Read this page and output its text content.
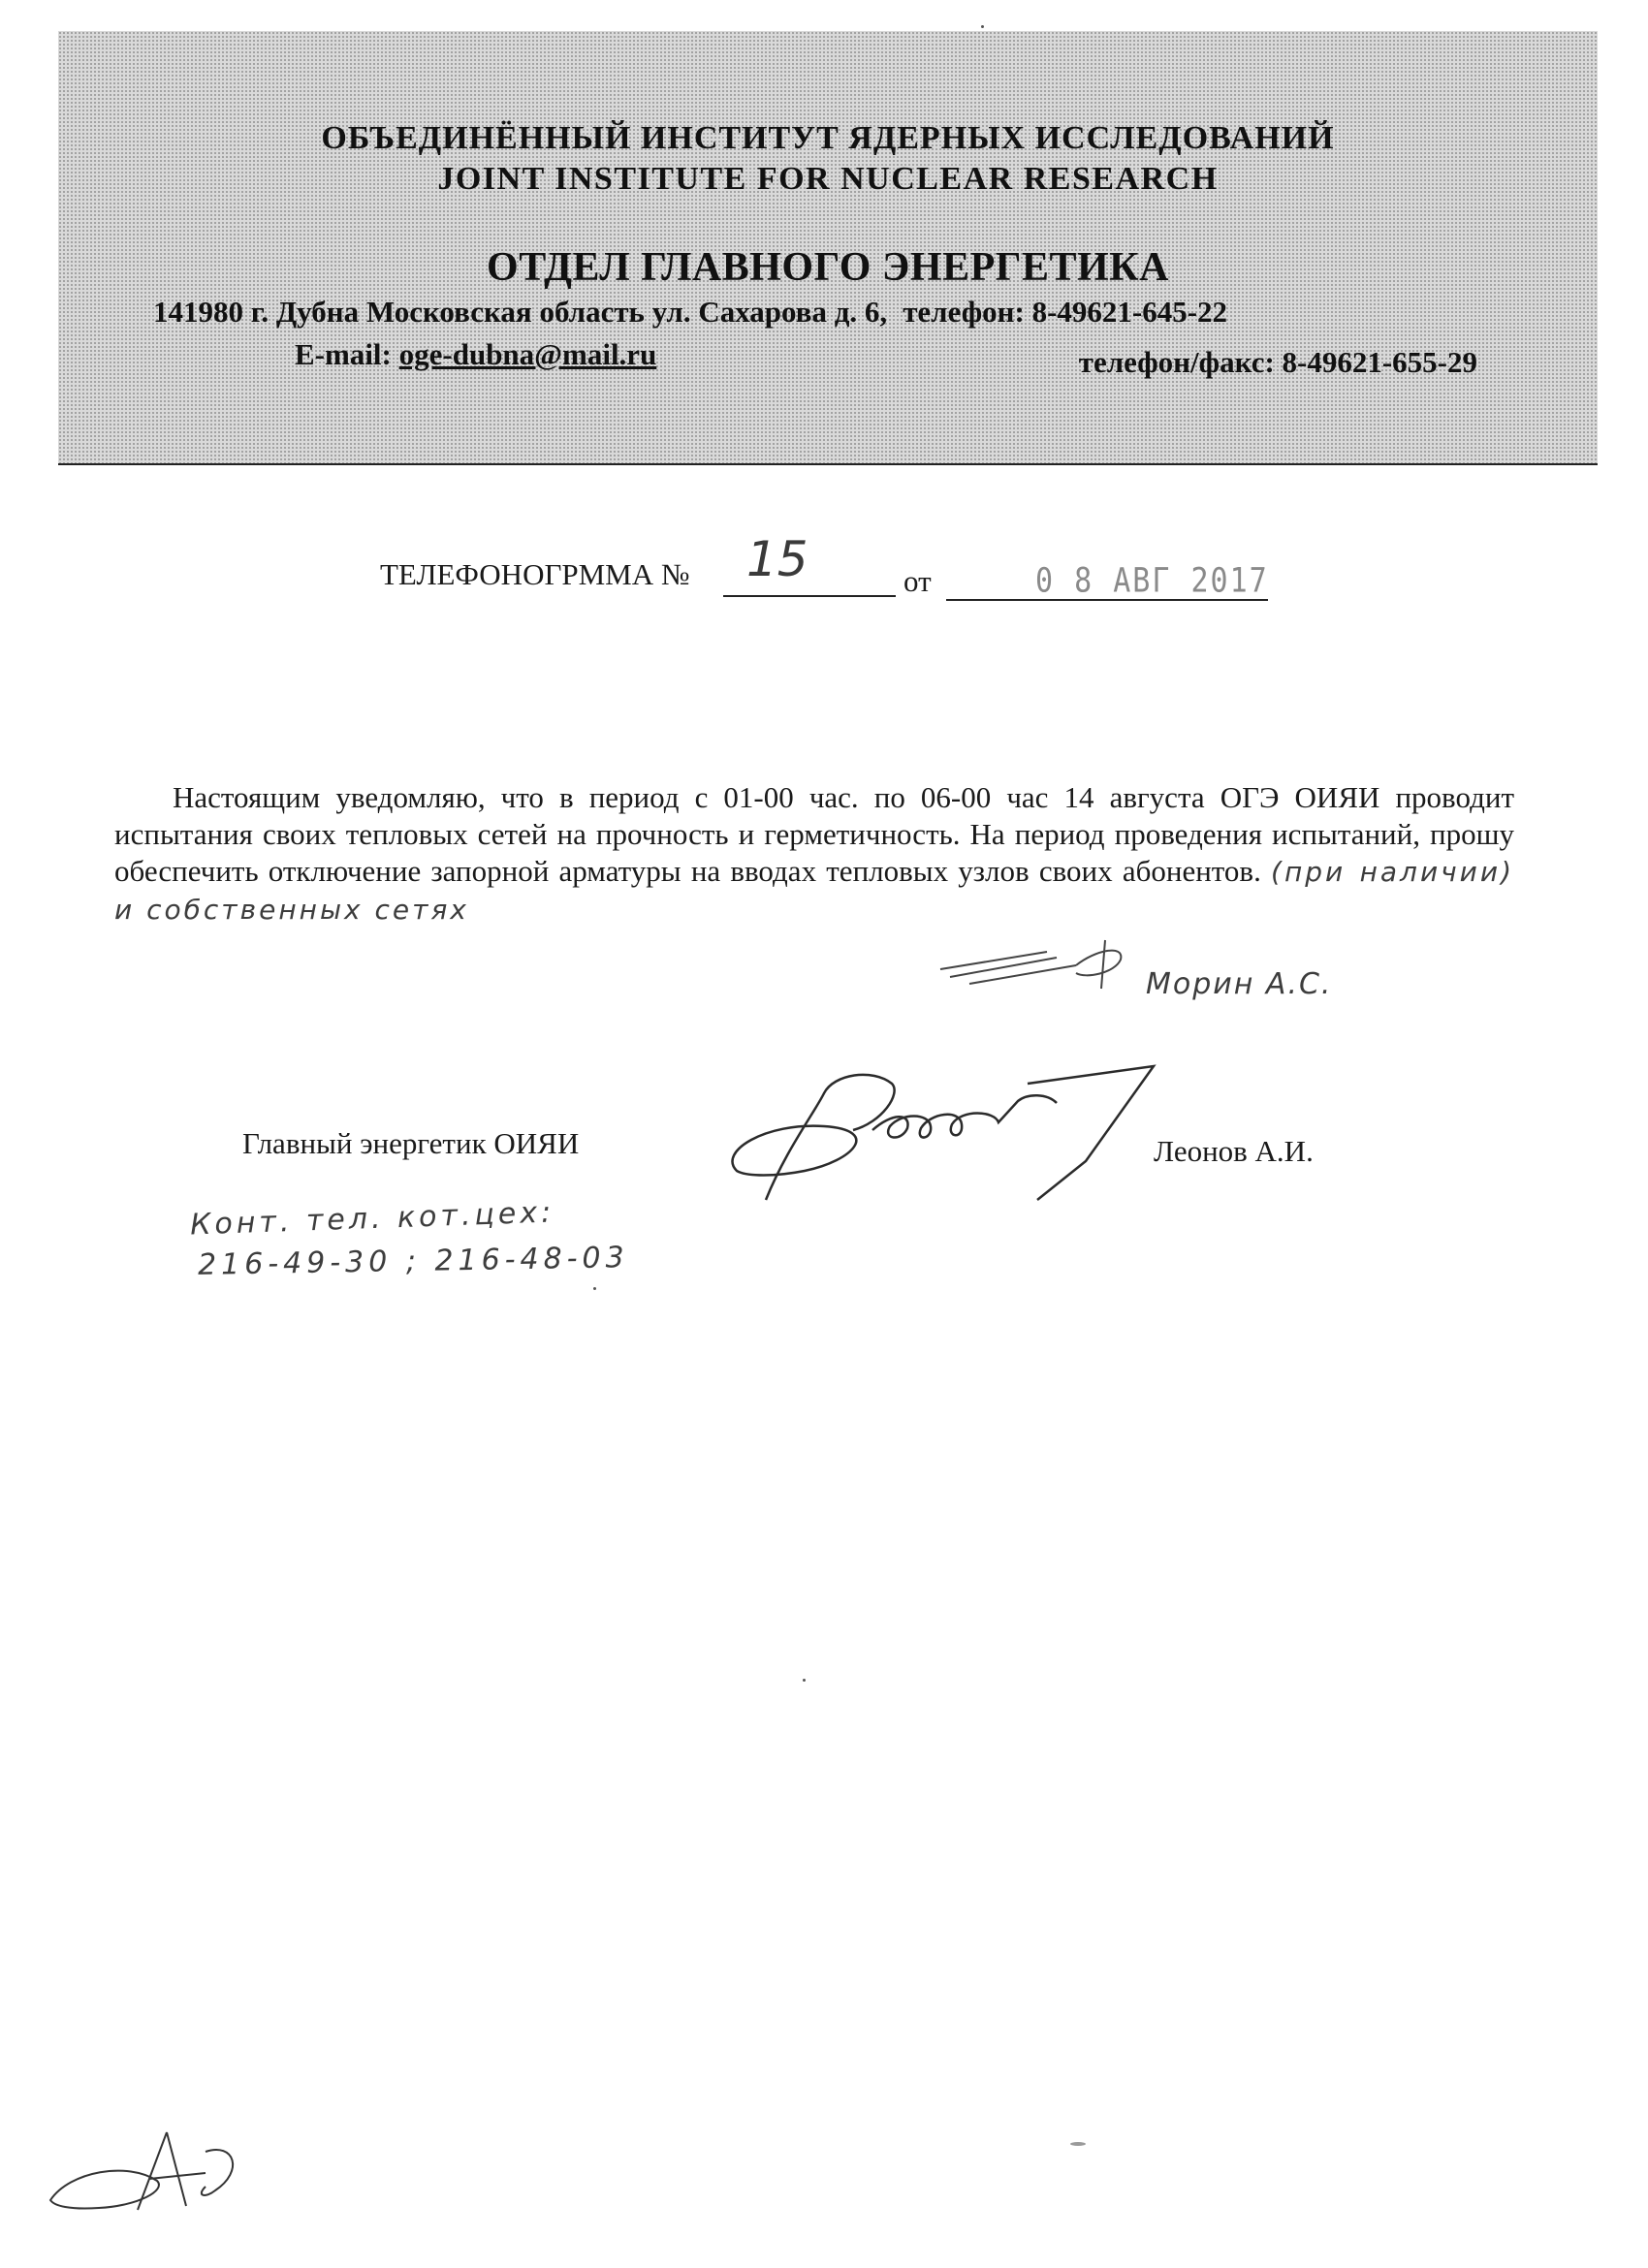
ОБЪЕДИНЁННЫЙ ИНСТИТУТ ЯДЕРНЫХ ИССЛЕДОВАНИЙ
JOINT INSTITUTE FOR NUCLEAR RESEARCH
ОТДЕЛ ГЛАВНОГО ЭНЕРГЕТИКА
141980 г. Дубна Московская область ул. Сахарова д. 6, телефон: 8-49621-645-22
E-mail: oge-dubna@mail.ru	телефон/факс: 8-49621-655-29
ТЕЛЕФОНОГРММА № 15	от	0 8 АВГ 2017
Настоящим уведомляю, что в период с 01-00 час. по 06-00 час 14 августа ОГЭ ОИЯИ проводит испытания своих тепловых сетей на прочность и герметичность. На период проведения испытаний, прошу обеспечить отключение запорной арматуры на вводах тепловых узлов своих абонентов. (при наличии) и собственных сетях
Морин А.С.
Главный энергетик ОИЯИ	Леонов А.И.
Конт. тел. кот.цех:
216-49-30 ; 216-48-03
